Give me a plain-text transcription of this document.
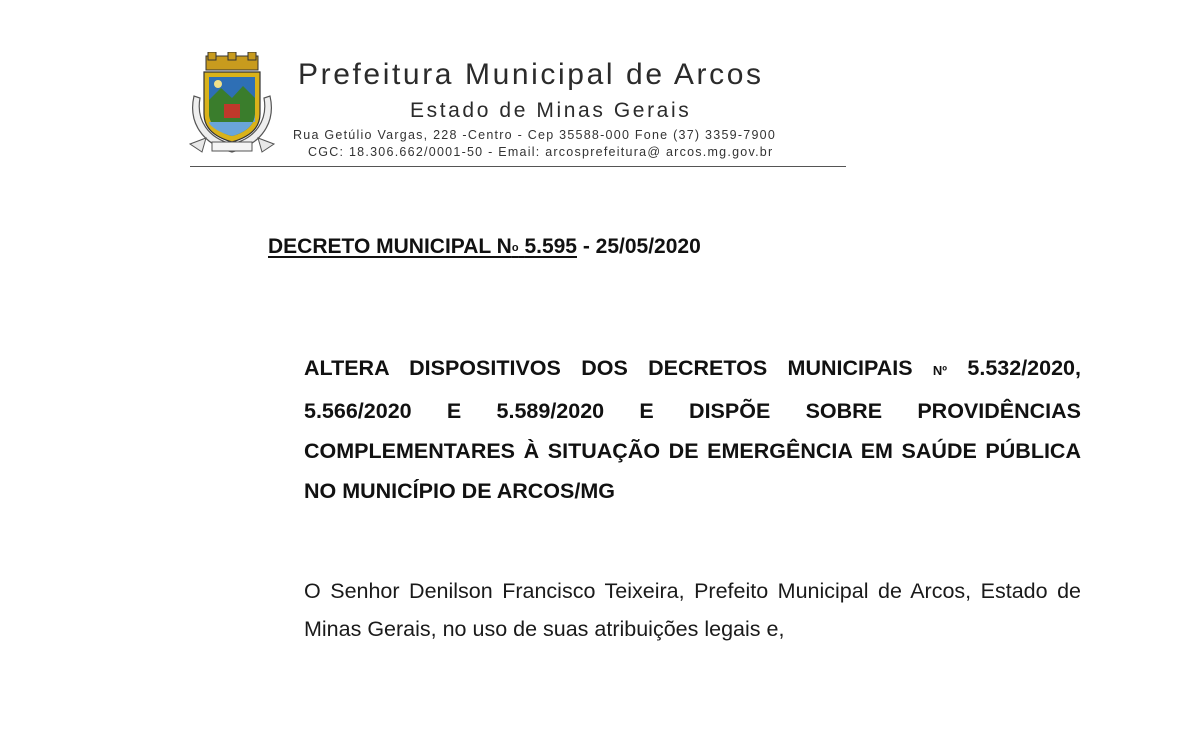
Prefeitura Municipal de Arcos
Estado de Minas Gerais
Rua Getúlio Vargas, 228 -Centro - Cep 35588-000 Fone (37) 3359-7900
CGC: 18.306.662/0001-50 - Email: arcosprefeitura@ arcos.mg.gov.br
DECRETO MUNICIPAL $N^o$ 5.595 - 25/05/2020

ALTERA DISPOSITIVOS DOS DECRETOS MUNICIPAIS Nº 5.532/2020, 5.566/2020 E 5.589/2020 E DISPÕE SOBRE PROVIDÊNCIAS COMPLEMENTARES À SITUAÇÃO DE EMERGÊNCIA EM SAÚDE PÚBLICA NO MUNICÍPIO DE ARCOS/MG

O Senhor Denilson Francisco Teixeira, Prefeito Municipal de Arcos, Estado de Minas Gerais, no uso de suas atribuições legais e,
